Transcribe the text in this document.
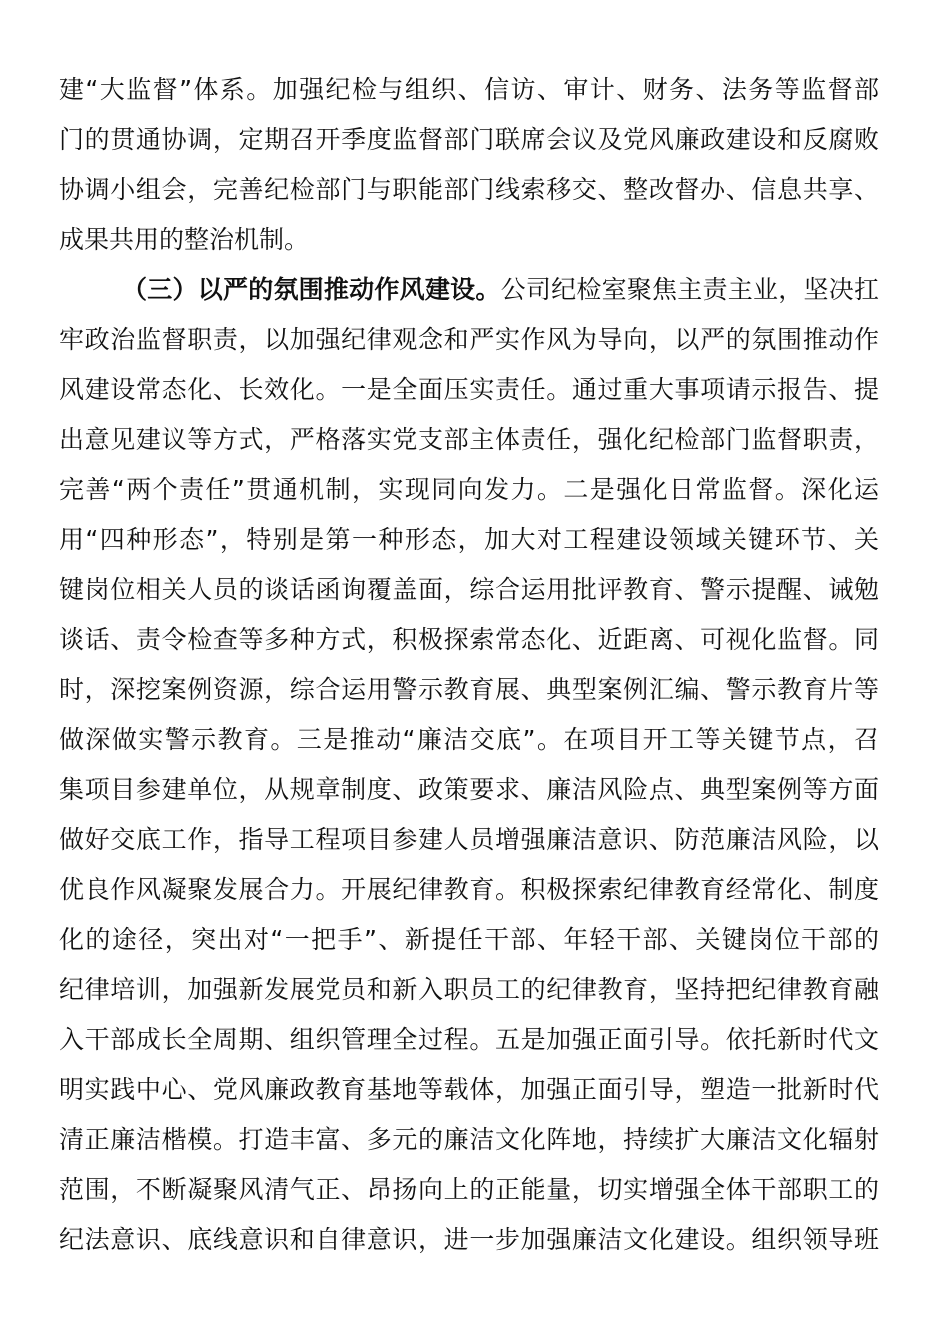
建“大监督”体系。加强纪检与组织、信访、审计、财务、法务等监督部
门的贯通协调，定期召开季度监督部门联席会议及党风廉政建设和反腐败
协调小组会，完善纪检部门与职能部门线索移交、整改督办、信息共享、
成果共用的整治机制。
（三）以严的氛围推动作风建设。公司纪检室聚焦主责主业，坚决扛
牢政治监督职责，以加强纪律观念和严实作风为导向，以严的氛围推动作
风建设常态化、长效化。一是全面压实责任。通过重大事项请示报告、提
出意见建议等方式，严格落实党支部主体责任，强化纪检部门监督职责，
完善“两个责任”贯通机制，实现同向发力。二是强化日常监督。深化运
用“四种形态”，特别是第一种形态，加大对工程建设领域关键环节、关
键岗位相关人员的谈话函询覆盖面，综合运用批评教育、警示提醒、诫勉
谈话、责令检查等多种方式，积极探索常态化、近距离、可视化监督。同
时，深挖案例资源，综合运用警示教育展、典型案例汇编、警示教育片等
做深做实警示教育。三是推动“廉洁交底”。在项目开工等关键节点，召
集项目参建单位，从规章制度、政策要求、廉洁风险点、典型案例等方面
做好交底工作，指导工程项目参建人员增强廉洁意识、防范廉洁风险，以
优良作风凝聚发展合力。开展纪律教育。积极探索纪律教育经常化、制度
化的途径，突出对“一把手”、新提任干部、年轻干部、关键岗位干部的
纪律培训，加强新发展党员和新入职员工的纪律教育，坚持把纪律教育融
入干部成长全周期、组织管理全过程。五是加强正面引导。依托新时代文
明实践中心、党风廉政教育基地等载体，加强正面引导，塑造一批新时代
清正廉洁楷模。打造丰富、多元的廉洁文化阵地，持续扩大廉洁文化辐射
范围，不断凝聚风清气正、昂扬向上的正能量，切实增强全体干部职工的
纪法意识、底线意识和自律意识，进一步加强廉洁文化建设。组织领导班
